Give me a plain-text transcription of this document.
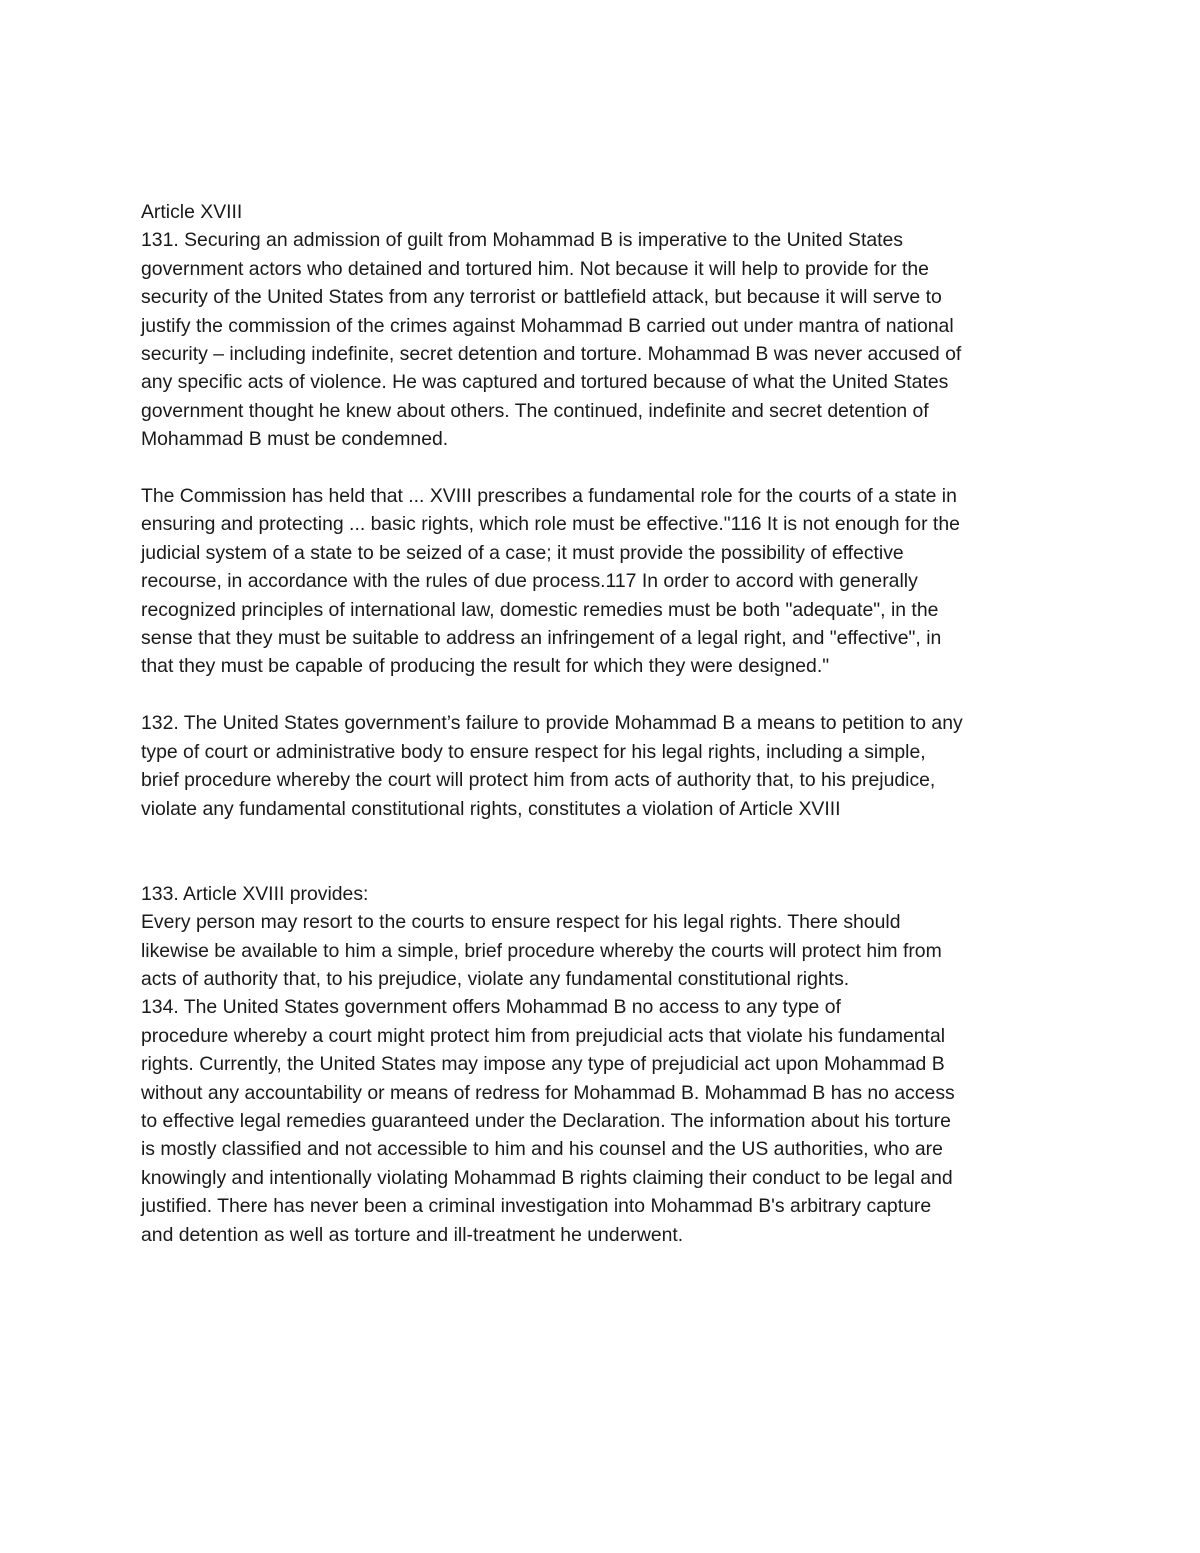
Article XVIII
131. Securing an admission of guilt from Mohammad B is imperative to the United States
government actors who detained and tortured him. Not because it will help to provide for the
security of the United States from any terrorist or battlefield attack, but because it will serve to
justify the commission of the crimes against Mohammad B carried out under mantra of national
security – including indefinite, secret detention and torture. Mohammad B was never accused of
any specific acts of violence. He was captured and tortured because of what the United States
government thought he knew about others. The continued, indefinite and secret detention of
Mohammad B must be condemned.
The Commission has held that ... XVIII prescribes a fundamental role for the courts of a state in
ensuring and protecting ... basic rights, which role must be effective."116 It is not enough for the
judicial system of a state to be seized of a case; it must provide the possibility of effective
recourse, in accordance with the rules of due process.117 In order to accord with generally
recognized principles of international law, domestic remedies must be both "adequate", in the
sense that they must be suitable to address an infringement of a legal right, and "effective", in
that they must be capable of producing the result for which they were designed."
132. The United States government’s failure to provide Mohammad B a means to petition to any
type of court or administrative body to ensure respect for his legal rights, including a simple,
brief procedure whereby the court will protect him from acts of authority that, to his prejudice,
violate any fundamental constitutional rights, constitutes a violation of Article XVIII
133. Article XVIII provides:
Every person may resort to the courts to ensure respect for his legal rights. There should
likewise be available to him a simple, brief procedure whereby the courts will protect him from
acts of authority that, to his prejudice, violate any fundamental constitutional rights.
134. The United States government offers Mohammad B no access to any type of
procedure whereby a court might protect him from prejudicial acts that violate his fundamental
rights. Currently, the United States may impose any type of prejudicial act upon Mohammad B
without any accountability or means of redress for Mohammad B. Mohammad B has no access
to effective legal remedies guaranteed under the Declaration. The information about his torture
is mostly classified and not accessible to him and his counsel and the US authorities, who are
knowingly and intentionally violating Mohammad B rights claiming their conduct to be legal and
justified. There has never been a criminal investigation into Mohammad B's arbitrary capture
and detention as well as torture and ill-treatment he underwent.
